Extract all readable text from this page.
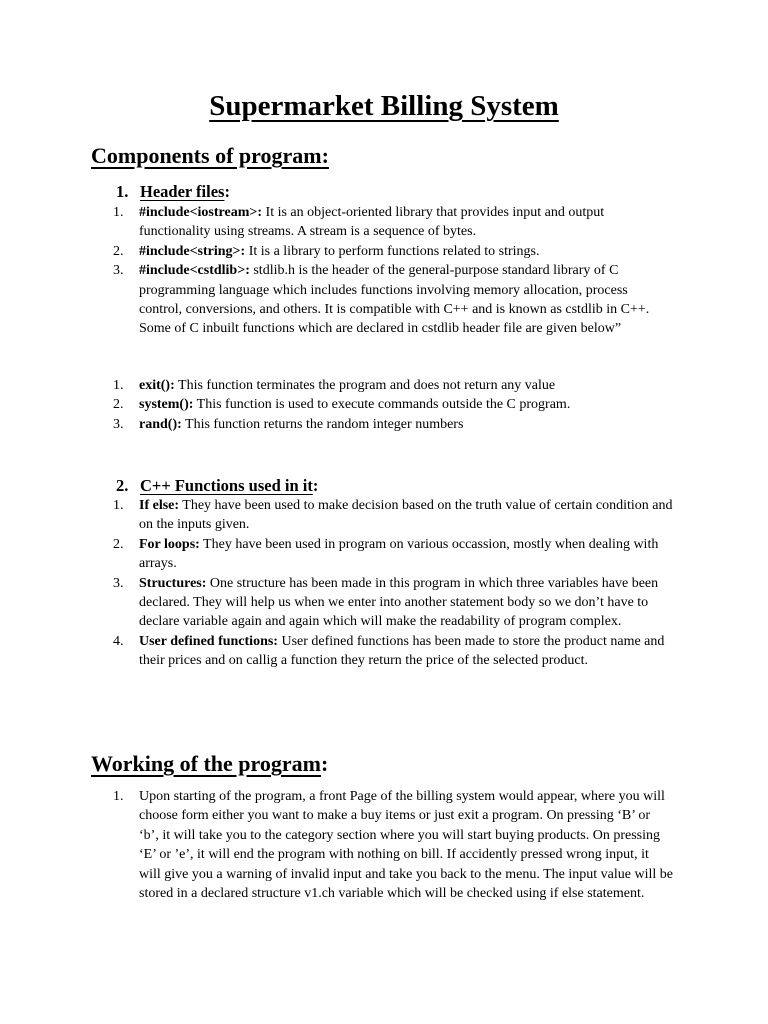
Supermarket Billing System
Components of program:
1. Header files:
1. #include<iostream>: It is an object-oriented library that provides input and output functionality using streams. A stream is a sequence of bytes.
2. #include<string>: It is a library to perform functions related to strings.
3. #include<cstdlib>: stdlib.h is the header of the general-purpose standard library of C programming language which includes functions involving memory allocation, process control, conversions, and others. It is compatible with C++ and is known as cstdlib in C++. Some of C inbuilt functions which are declared in cstdlib header file are given below”
1. exit(): This function terminates the program and does not return any value
2. system(): This function is used to execute commands outside the C program.
3. rand(): This function returns the random integer numbers
2. C++ Functions used in it:
1. If else: They have been used to make decision based on the truth value of certain condition and on the inputs given.
2. For loops: They have been used in program on various occassion, mostly when dealing with arrays.
3. Structures: One structure has been made in this program in which three variables have been declared. They will help us when we enter into another statement body so we don’t have to declare variable again and again which will make the readability of program complex.
4. User defined functions: User defined functions has been made to store the product name and their prices and on callig a function they return the price of the selected product.
Working of the program:
1. Upon starting of the program, a front Page of the billing system would appear, where you will choose form either you want to make a buy items or just exit a program. On pressing ‘B’ or ‘b’, it will take you to the category section where you will start buying products. On pressing ‘E’ or ’e’, it will end the program with nothing on bill. If accidently pressed wrong input, it will give you a warning of invalid input and take you back to the menu. The input value will be stored in a declared structure v1.ch variable which will be checked using if else statement.
